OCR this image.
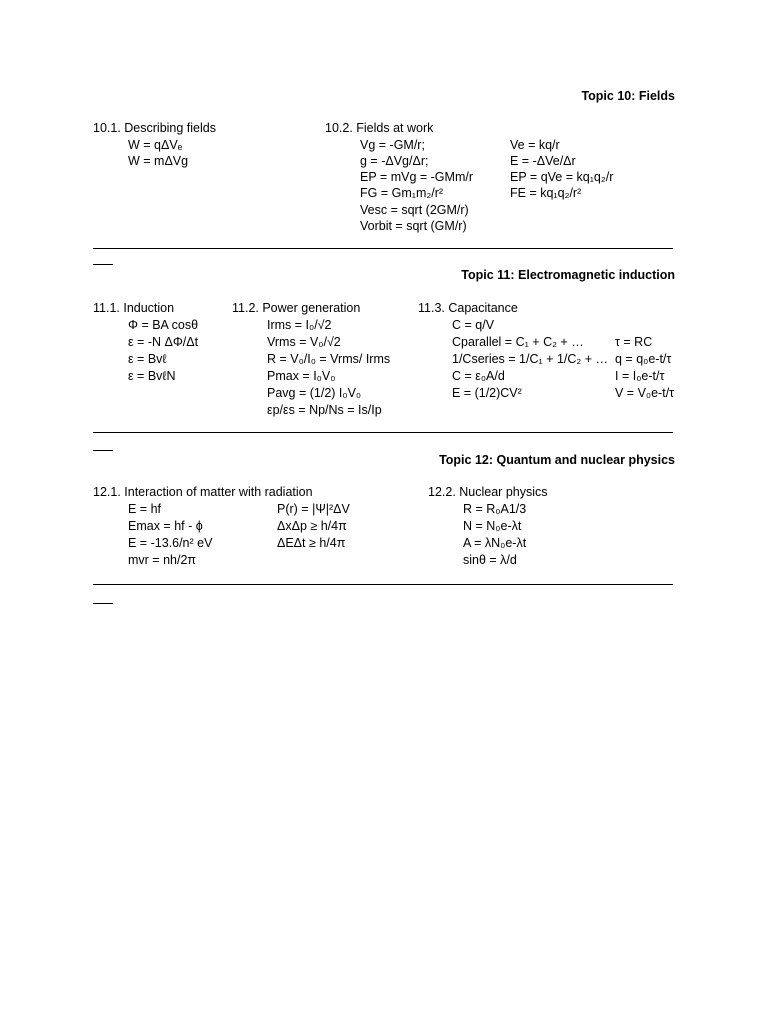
Topic 10: Fields
10.1. Describing fields
W = qΔVₑ
W = mΔVg
10.2. Fields at work
Vg = -GM/r;
g = -ΔVg/Δr;
EP = mVg = -GMm/r
FG = Gm₁m₂/r²
Vesc = sqrt (2GM/r)
Vorbit = sqrt (GM/r)
Ve = kq/r
E = -ΔVe/Δr
EP = qVe = kq₁q₂/r
FE = kq₁q₂/r²
Topic 11: Electromagnetic induction
11.1. Induction
Φ = BA cosθ
ε = -N ΔΦ/Δt
ε = Bvℓ
ε = BvℓN
11.2. Power generation
Irms = I₀/√2
Vrms = V₀/√2
R = V₀/I₀ = Vrms/ Irms
Pmax = I₀V₀
Pavg = (1/2) I₀V₀
εp/εs = Np/Ns = Is/Ip
11.3. Capacitance
C = q/V
Cparallel = C₁ + C₂ + …
1/Cseries = 1/C₁ + 1/C₂ + …
C = ε₀A/d
E = (1/2)CV²
τ = RC
q = q₀e-t/τ
I = I₀e-t/τ
V = V₀e-t/τ
Topic 12: Quantum and nuclear physics
12.1. Interaction of matter with radiation
E = hf
Emax = hf - ϕ
E = -13.6/n² eV
mvr = nh/2π
P(r) = |Ψ|²ΔV
ΔxΔp ≥ h/4π
ΔEΔt ≥ h/4π
12.2. Nuclear physics
R = R₀A1/3
N = N₀e-λt
A = λN₀e-λt
sinθ = λ/d
